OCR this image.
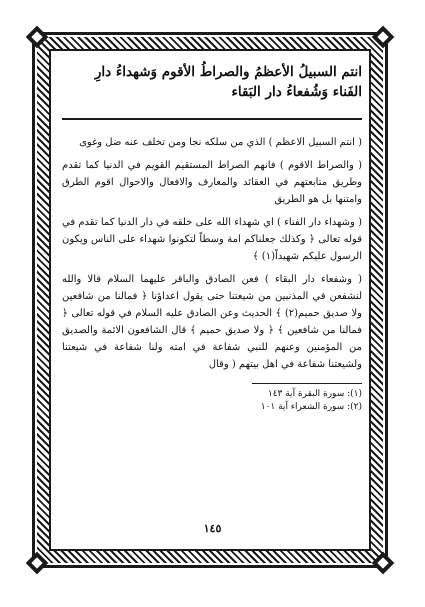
انتم السبيلُ الأعظمُ والصراطُ الأقوم وَشهداءُ دارِ الفَناء وَشُفعاءُ دار البَقاء

( انتم السبيل الاعظم ) الذي من سلكه نجا ومن تخلف عنه ضل وغوى

( والصراط الاقوم ) فانهم الصراط المستقيم القويم في الدنيا كما تقدم وطريق متابعتهم في العقائد والمعارف والافعال والاحوال اقوم الطرق وامتنها بل هو الطريق

( وشهداء دار الفناء ) اي شهداء الله على خلقه في دار الدنيا كما تقدم في قوله تعالى ﴿ وكذلك جعلناكم امة وسطاً لتكونوا شهداء على الناس ويكون الرسول عليكم شهيداً(١) ﴾

( وشفعاء دار البقاء ) فعن الصادق والباقر عليهما السلام قالا والله لنشفعن في المذنبين من شيعتنا حتى يقول اعداؤنا ﴿ فمالنا من شافعين ولا صديق حميم(٢) ﴾ الحديث وعن الصادق عليه السلام في قوله تعالى ﴿ فمالنا من شافعين ﴾ ﴿ ولا صديق حميم ﴾ قال الشافعون الائمة والصديق من المؤمنين وعنهم للنبي شفاعة في امته ولنا شفاعة في شيعتنا ولشيعتنا شفاعة في اهل بيتهم ( وقال

(١): سورة البقرة آية ١٤٣
(٢): سورة الشعراء آية ١٠١
١٤٥
